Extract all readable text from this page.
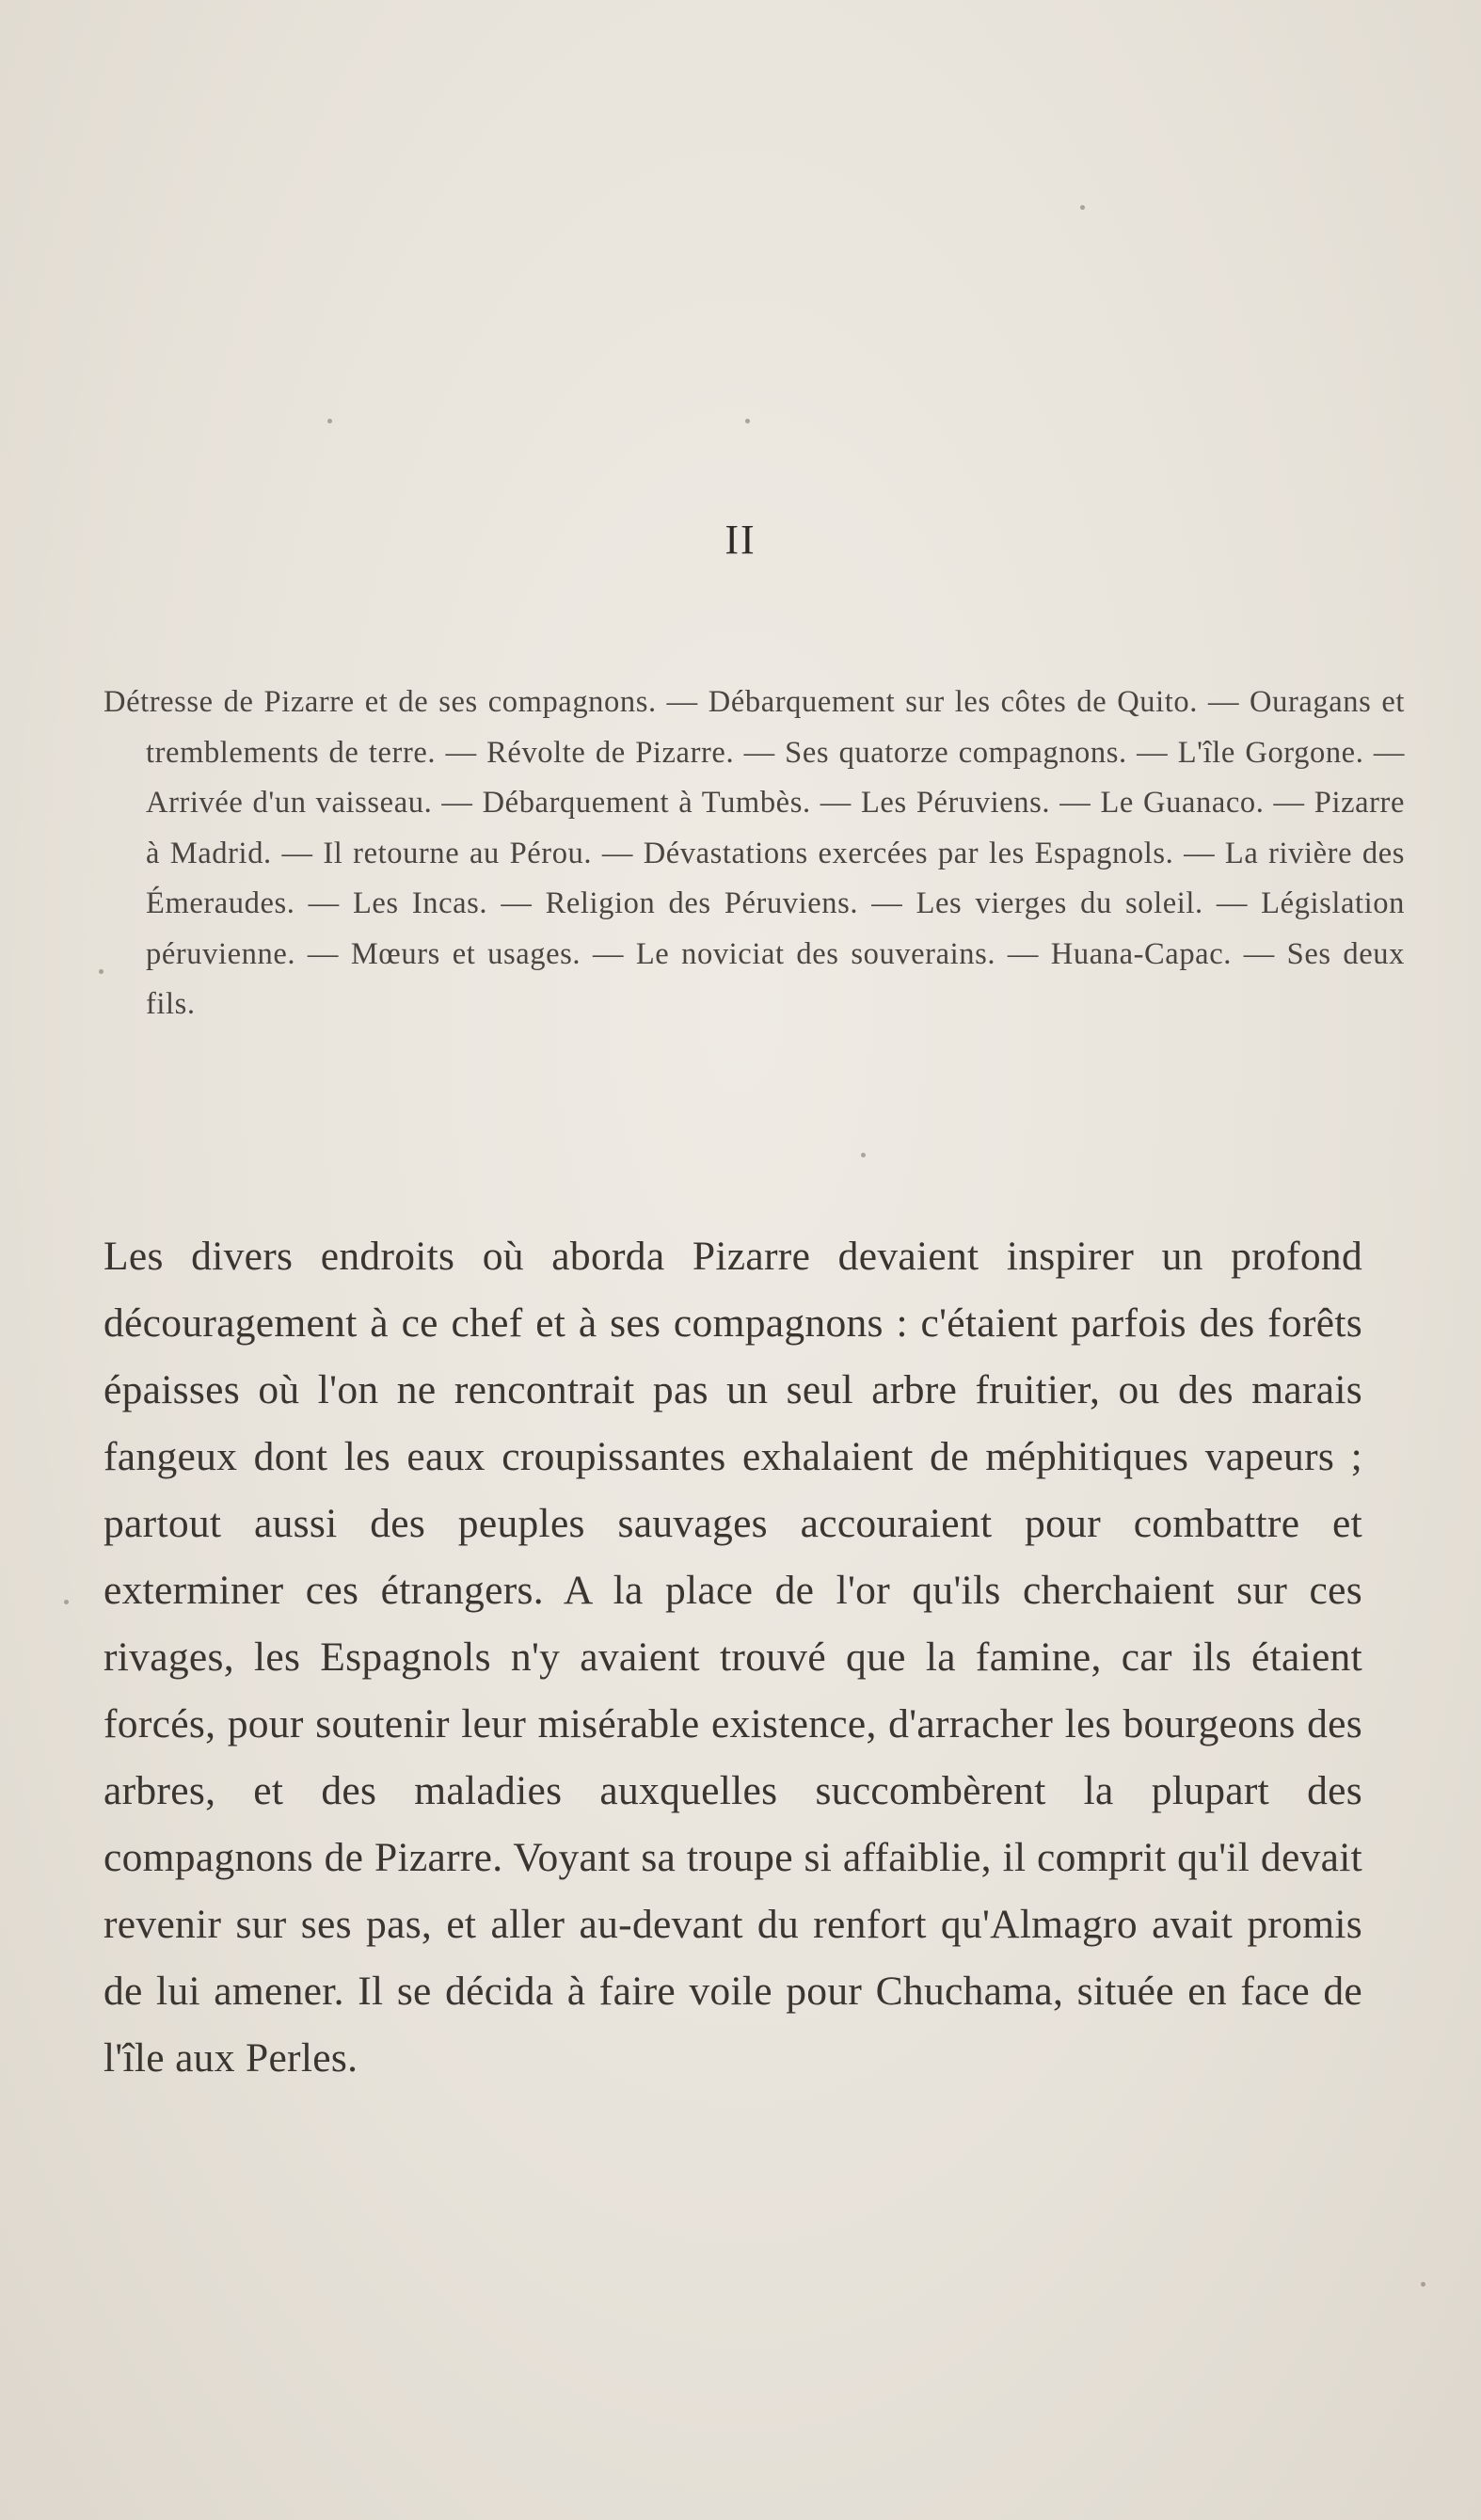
II
Détresse de Pizarre et de ses compagnons. — Débarquement sur les côtes de Quito. — Ouragans et tremblements de terre. — Révolte de Pizarre. — Ses quatorze compagnons. — L'île Gorgone. — Arrivée d'un vaisseau. — Débarquement à Tumbès. — Les Péruviens. — Le Guanaco. — Pizarre à Madrid. — Il retourne au Pérou. — Dévastations exercées par les Espagnols. — La rivière des Émeraudes. — Les Incas. — Religion des Péruviens. — Les vierges du soleil. — Législation péruvienne. — Mœurs et usages. — Le noviciat des souverains. — Huana-Capac. — Ses deux fils.

Les divers endroits où aborda Pizarre devaient inspirer un profond découragement à ce chef et à ses compagnons : c'étaient parfois des forêts épaisses où l'on ne rencontrait pas un seul arbre fruitier, ou des marais fangeux dont les eaux croupissantes exhalaient de méphitiques vapeurs ; partout aussi des peuples sauvages accouraient pour combattre et exterminer ces étrangers. A la place de l'or qu'ils cherchaient sur ces rivages, les Espagnols n'y avaient trouvé que la famine, car ils étaient forcés, pour soutenir leur misérable existence, d'arracher les bourgeons des arbres, et des maladies auxquelles succombèrent la plupart des compagnons de Pizarre. Voyant sa troupe si affaiblie, il comprit qu'il devait revenir sur ses pas, et aller au-devant du renfort qu'Almagro avait promis de lui amener. Il se décida à faire voile pour Chuchama, située en face de l'île aux Perles.
